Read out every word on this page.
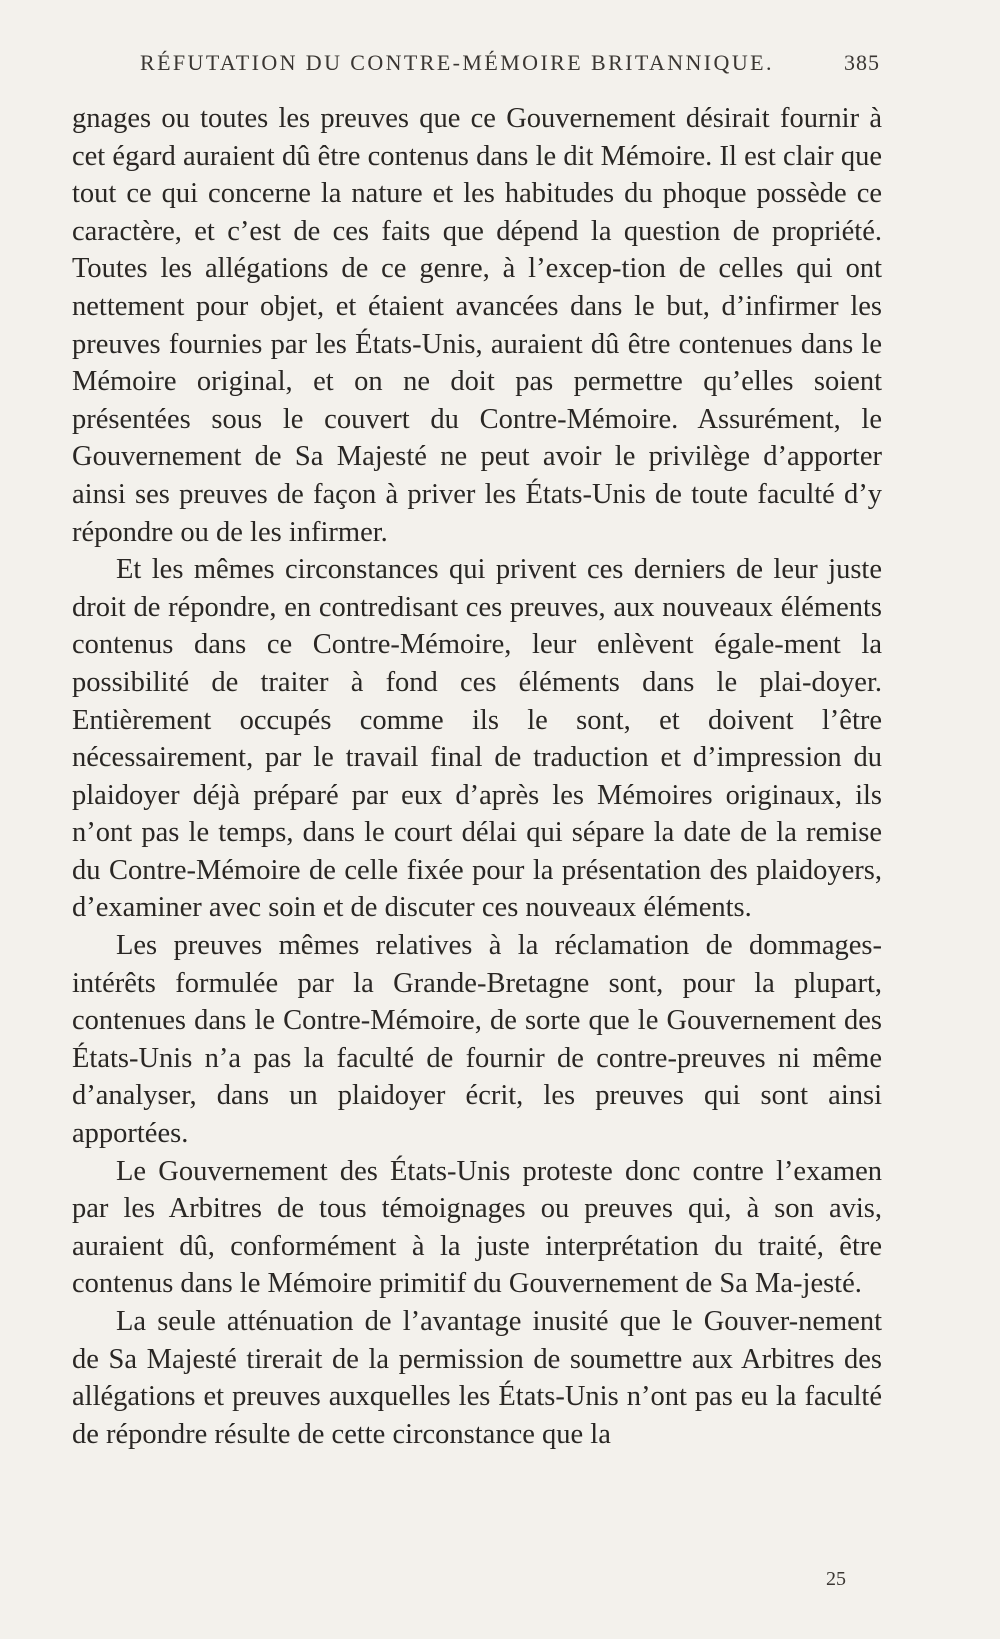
RÉFUTATION DU CONTRE-MÉMOIRE BRITANNIQUE.	385

gnages ou toutes les preuves que ce Gouvernement désirait fournir à cet égard auraient dû être contenus dans le dit Mémoire. Il est clair que tout ce qui concerne la nature et les habitudes du phoque possède ce caractère, et c’est de ces faits que dépend la question de propriété. Toutes les allégations de ce genre, à l’excep-tion de celles qui ont nettement pour objet, et étaient avancées dans le but, d’infirmer les preuves fournies par les États-Unis, auraient dû être contenues dans le Mémoire original, et on ne doit pas permettre qu’elles soient présentées sous le couvert du Contre-Mémoire. Assurément, le Gouvernement de Sa Majesté ne peut avoir le privilège d’apporter ainsi ses preuves de façon à priver les États-Unis de toute faculté d’y répondre ou de les infirmer.

Et les mêmes circonstances qui privent ces derniers de leur juste droit de répondre, en contredisant ces preuves, aux nouveaux éléments contenus dans ce Contre-Mémoire, leur enlèvent égale-ment la possibilité de traiter à fond ces éléments dans le plai-doyer. Entièrement occupés comme ils le sont, et doivent l’être nécessairement, par le travail final de traduction et d’impression du plaidoyer déjà préparé par eux d’après les Mémoires originaux, ils n’ont pas le temps, dans le court délai qui sépare la date de la remise du Contre-Mémoire de celle fixée pour la présentation des plaidoyers, d’examiner avec soin et de discuter ces nouveaux éléments.

Les preuves mêmes relatives à la réclamation de dommages-intérêts formulée par la Grande-Bretagne sont, pour la plupart, contenues dans le Contre-Mémoire, de sorte que le Gouvernement des États-Unis n’a pas la faculté de fournir de contre-preuves ni même d’analyser, dans un plaidoyer écrit, les preuves qui sont ainsi apportées.

Le Gouvernement des États-Unis proteste donc contre l’examen par les Arbitres de tous témoignages ou preuves qui, à son avis, auraient dû, conformément à la juste interprétation du traité, être contenus dans le Mémoire primitif du Gouvernement de Sa Ma-jesté.

La seule atténuation de l’avantage inusité que le Gouver-nement de Sa Majesté tirerait de la permission de soumettre aux Arbitres des allégations et preuves auxquelles les États-Unis n’ont pas eu la faculté de répondre résulte de cette circonstance que la

25
